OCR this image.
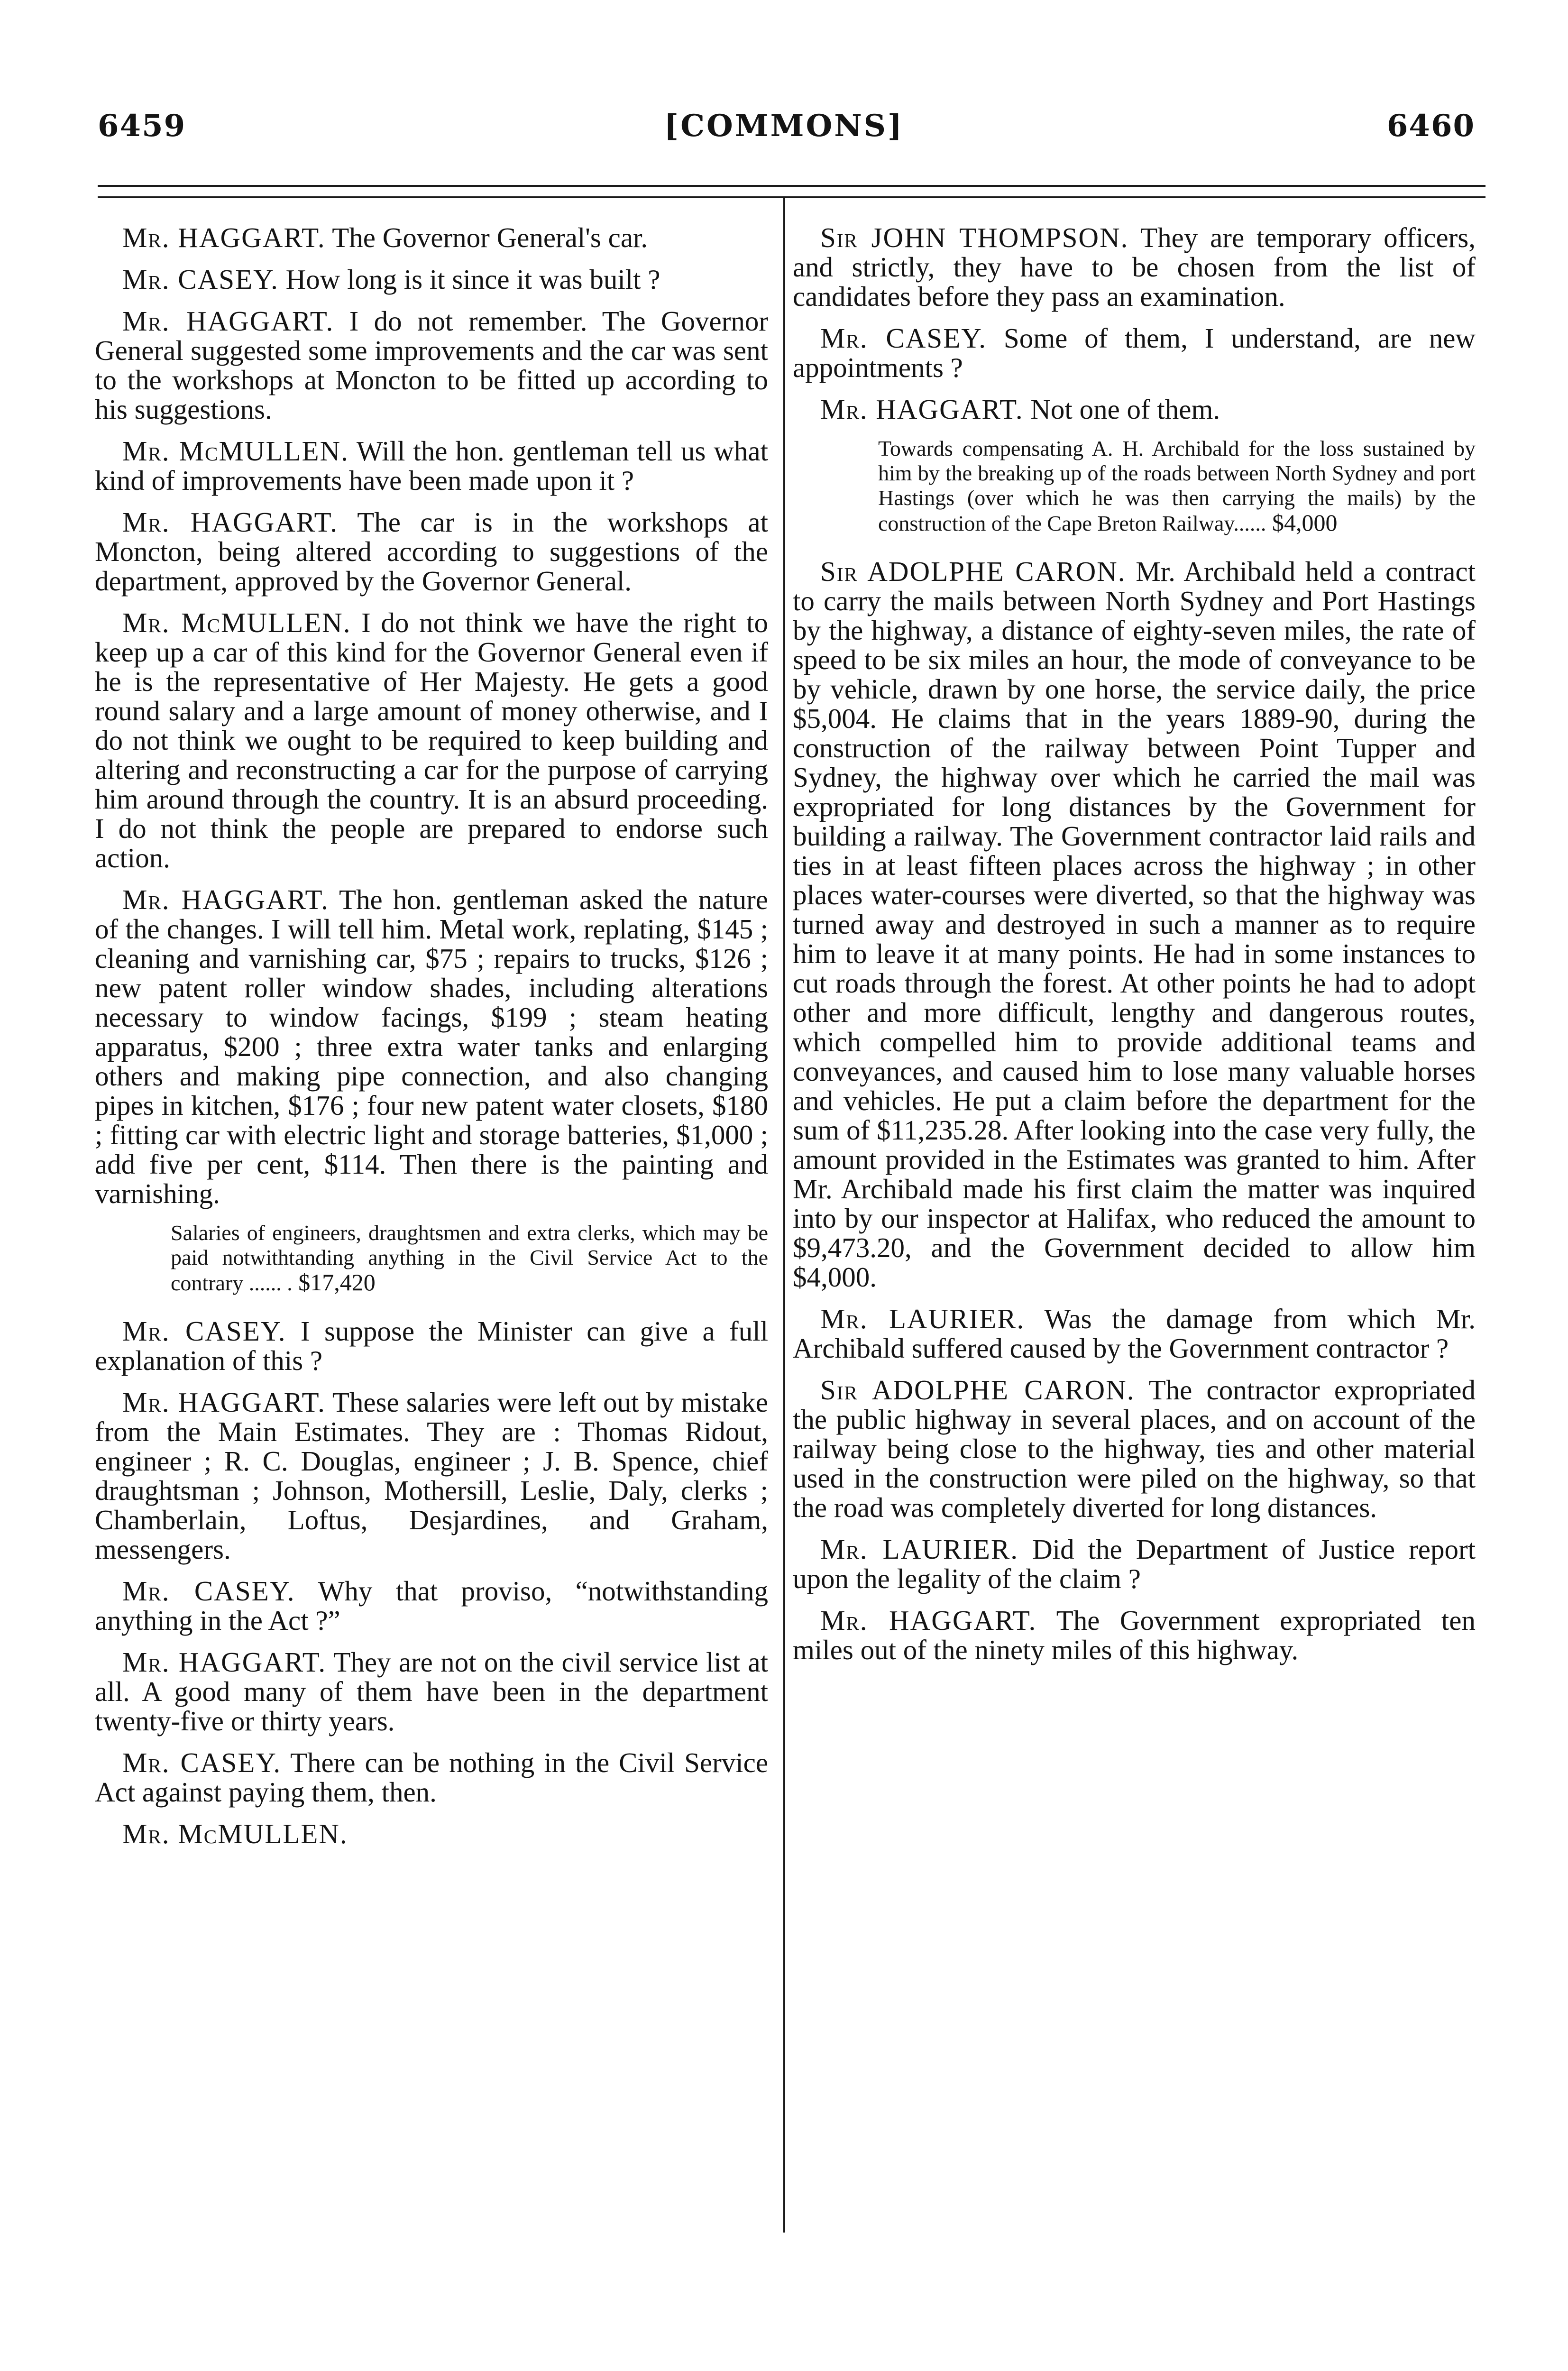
6459	[COMMONS]	6460

Mr. HAGGART. The Governor General's car.

Mr. CASEY. How long is it since it was built ?

Mr. HAGGART. I do not remember. The Governor General suggested some improvements and the car was sent to the workshops at Moncton to be fitted up according to his suggestions.

Mr. McMULLEN. Will the hon. gentleman tell us what kind of improvements have been made upon it ?

Mr. HAGGART. The car is in the workshops at Moncton, being altered according to suggestions of the department, approved by the Governor General.

Mr. McMULLEN. I do not think we have the right to keep up a car of this kind for the Governor General even if he is the representative of Her Majesty. He gets a good round salary and a large amount of money otherwise, and I do not think we ought to be required to keep building and altering and reconstructing a car for the purpose of carrying him around through the country. It is an absurd proceeding. I do not think the people are prepared to endorse such action.

Mr. HAGGART. The hon. gentleman asked the nature of the changes. I will tell him. Metal work, replating, $145 ; cleaning and varnishing car, $75 ; repairs to trucks, $126 ; new patent roller window shades, including alterations necessary to window facings, $199 ; steam heating apparatus, $200 ; three extra water tanks and enlarging others and making pipe connection, and also changing pipes in kitchen, $176 ; four new patent water closets, $180 ; fitting car with electric light and storage batteries, $1,000 ; add five per cent, $114. Then there is the painting and varnishing.

Salaries of engineers, draughtsmen and extra clerks, which may be paid notwithtanding anything in the Civil Service Act to the contrary ...... . $17,420

Mr. CASEY. I suppose the Minister can give a full explanation of this ?

Mr. HAGGART. These salaries were left out by mistake from the Main Estimates. They are : Thomas Ridout, engineer ; R. C. Douglas, engineer ; J. B. Spence, chief draughtsman ; Johnson, Mothersill, Leslie, Daly, clerks ; Chamberlain, Loftus, Desjardines, and Graham, messengers.

Mr. CASEY. Why that proviso, “notwithstanding anything in the Act ?”

Mr. HAGGART. They are not on the civil service list at all. A good many of them have been in the department twenty-five or thirty years.

Mr. CASEY. There can be nothing in the Civil Service Act against paying them, then.

Mr. McMULLEN.

Sir JOHN THOMPSON. They are temporary officers, and strictly, they have to be chosen from the list of candidates before they pass an examination.

Mr. CASEY. Some of them, I understand, are new appointments ?

Mr. HAGGART. Not one of them.

Towards compensating A. H. Archibald for the loss sustained by him by the breaking up of the roads between North Sydney and port Hastings (over which he was then carrying the mails) by the construction of the Cape Breton Railway...... $4,000

Sir ADOLPHE CARON. Mr. Archibald held a contract to carry the mails between North Sydney and Port Hastings by the highway, a distance of eighty-seven miles, the rate of speed to be six miles an hour, the mode of conveyance to be by vehicle, drawn by one horse, the service daily, the price $5,004. He claims that in the years 1889-90, during the construction of the railway between Point Tupper and Sydney, the highway over which he carried the mail was expropriated for long distances by the Government for building a railway. The Government contractor laid rails and ties in at least fifteen places across the highway ; in other places water-courses were diverted, so that the highway was turned away and destroyed in such a manner as to require him to leave it at many points. He had in some instances to cut roads through the forest. At other points he had to adopt other and more difficult, lengthy and dangerous routes, which compelled him to provide additional teams and conveyances, and caused him to lose many valuable horses and vehicles. He put a claim before the department for the sum of $11,235.28. After looking into the case very fully, the amount provided in the Estimates was granted to him. After Mr. Archibald made his first claim the matter was inquired into by our inspector at Halifax, who reduced the amount to $9,473.20, and the Government decided to allow him $4,000.

Mr. LAURIER. Was the damage from which Mr. Archibald suffered caused by the Government contractor ?

Sir ADOLPHE CARON. The contractor expropriated the public highway in several places, and on account of the railway being close to the highway, ties and other material used in the construction were piled on the highway, so that the road was completely diverted for long distances.

Mr. LAURIER. Did the Department of Justice report upon the legality of the claim ?

Mr. HAGGART. The Government expropriated ten miles out of the ninety miles of this highway.
